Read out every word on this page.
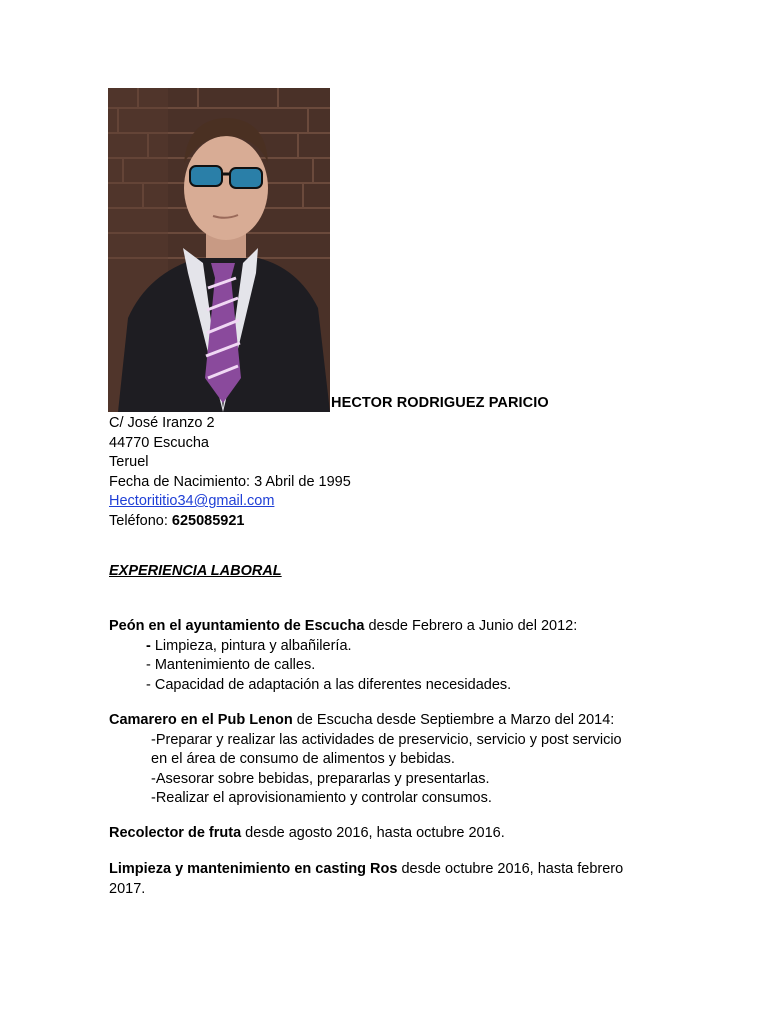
HECTOR RODRIGUEZ PARICIO
C/ José Iranzo 2
44770 Escucha
Teruel
Fecha de Nacimiento: 3 Abril de 1995
Hectorititio34@gmail.com
Teléfono: 625085921
EXPERIENCIA LABORAL
Peón en el ayuntamiento de Escucha desde Febrero a Junio del 2012:
- Limpieza, pintura y albañilería.
- Mantenimiento de calles.
- Capacidad de adaptación a las diferentes necesidades.
Camarero en el Pub Lenon de Escucha desde Septiembre a Marzo del 2014:
-Preparar y realizar las actividades de preservicio, servicio y post servicio
en el área de consumo de alimentos y bebidas.
-Asesorar sobre bebidas, prepararlas y presentarlas.
-Realizar el aprovisionamiento y controlar consumos.
Recolector de fruta desde agosto 2016, hasta octubre 2016.
Limpieza y mantenimiento en casting Ros desde octubre 2016, hasta febrero
2017.
